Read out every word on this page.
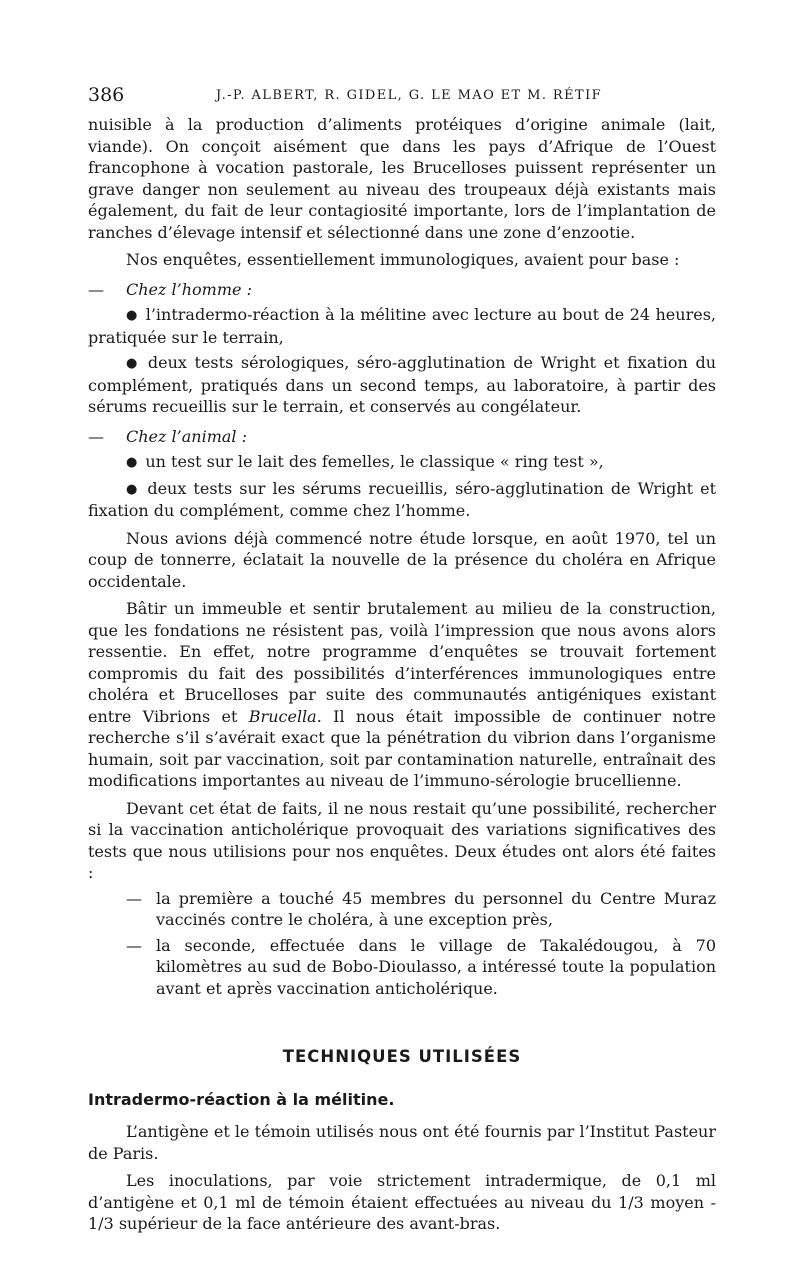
386	J.-P. ALBERT, R. GIDEL, G. LE MAO ET M. RÉTIF

nuisible à la production d’aliments protéiques d’origine animale (lait, viande). On conçoit aisément que dans les pays d’Afrique de l’Ouest francophone à vocation pastorale, les Brucelloses puissent représenter un grave danger non seulement au niveau des troupeaux déjà existants mais également, du fait de leur contagiosité importante, lors de l’implantation de ranches d’élevage intensif et sélectionné dans une zone d’enzootie.

Nos enquêtes, essentiellement immunologiques, avaient pour base :

— Chez l’homme :

● l’intradermo-réaction à la mélitine avec lecture au bout de 24 heures, pratiquée sur le terrain,

● deux tests sérologiques, séro-agglutination de Wright et fixation du complément, pratiqués dans un second temps, au laboratoire, à partir des sérums recueillis sur le terrain, et conservés au congélateur.

— Chez l’animal :

● un test sur le lait des femelles, le classique « ring test »,

● deux tests sur les sérums recueillis, séro-agglutination de Wright et fixation du complément, comme chez l’homme.

Nous avions déjà commencé notre étude lorsque, en août 1970, tel un coup de tonnerre, éclatait la nouvelle de la présence du choléra en Afrique occidentale.

Bâtir un immeuble et sentir brutalement au milieu de la construction, que les fondations ne résistent pas, voilà l’impression que nous avons alors ressentie. En effet, notre programme d’enquêtes se trouvait fortement compromis du fait des possibilités d’interférences immunologiques entre choléra et Brucelloses par suite des communautés antigéniques existant entre Vibrions et Brucella. Il nous était impossible de continuer notre recherche s’il s’avérait exact que la pénétration du vibrion dans l’organisme humain, soit par vaccination, soit par contamination naturelle, entraînait des modifications importantes au niveau de l’immuno-sérologie brucellienne.

Devant cet état de faits, il ne nous restait qu’une possibilité, rechercher si la vaccination anticholérique provoquait des variations significatives des tests que nous utilisions pour nos enquêtes. Deux études ont alors été faites :

— la première a touché 45 membres du personnel du Centre Muraz vaccinés contre le choléra, à une exception près,

— la seconde, effectuée dans le village de Takalédougou, à 70 kilomètres au sud de Bobo-Dioulasso, a intéressé toute la population avant et après vaccination anticholérique.

TECHNIQUES UTILISÉES
Intradermo-réaction à la mélitine.

L’antigène et le témoin utilisés nous ont été fournis par l’Institut Pasteur de Paris.

Les inoculations, par voie strictement intradermique, de 0,1 ml d’antigène et 0,1 ml de témoin étaient effectuées au niveau du 1/3 moyen - 1/3 supérieur de la face antérieure des avant-bras.
